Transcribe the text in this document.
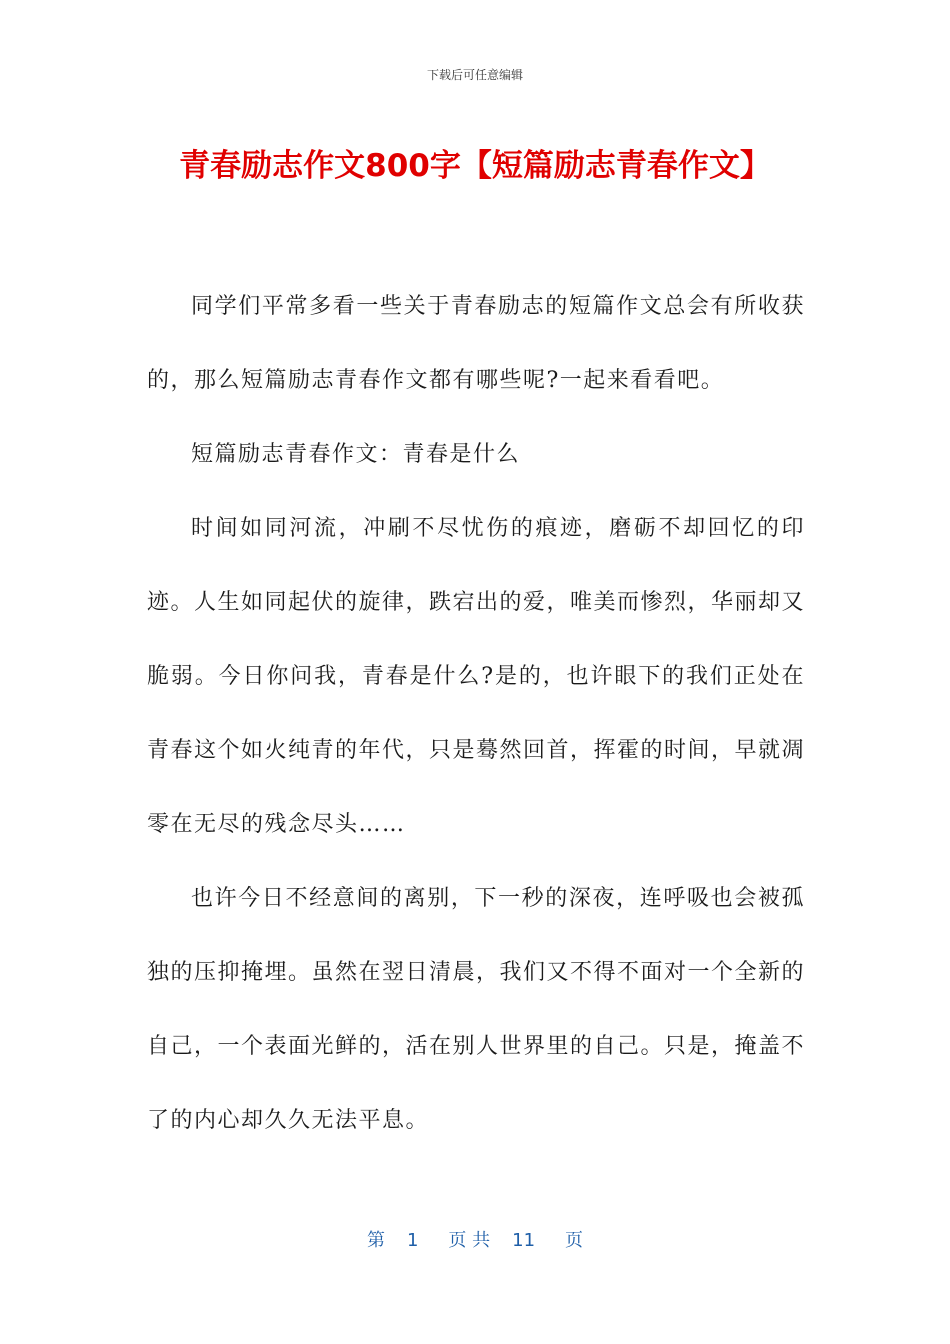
下载后可任意编辑
青春励志作文800字【短篇励志青春作文】

同学们平常多看一些关于青春励志的短篇作文总会有所收获的，那么短篇励志青春作文都有哪些呢?一起来看看吧。

短篇励志青春作文：青春是什么

时间如同河流，冲刷不尽忧伤的痕迹，磨砺不却回忆的印迹。人生如同起伏的旋律，跌宕出的爱，唯美而惨烈，华丽却又脆弱。今日你问我，青春是什么?是的，也许眼下的我们正处在青春这个如火纯青的年代，只是蓦然回首，挥霍的时间，早就凋零在无尽的残念尽头……

也许今日不经意间的离别，下一秒的深夜，连呼吸也会被孤独的压抑掩埋。虽然在翌日清晨，我们又不得不面对一个全新的自己，一个表面光鲜的，活在别人世界里的自己。只是，掩盖不了的内心却久久无法平息。

第 1 页 共 11 页
